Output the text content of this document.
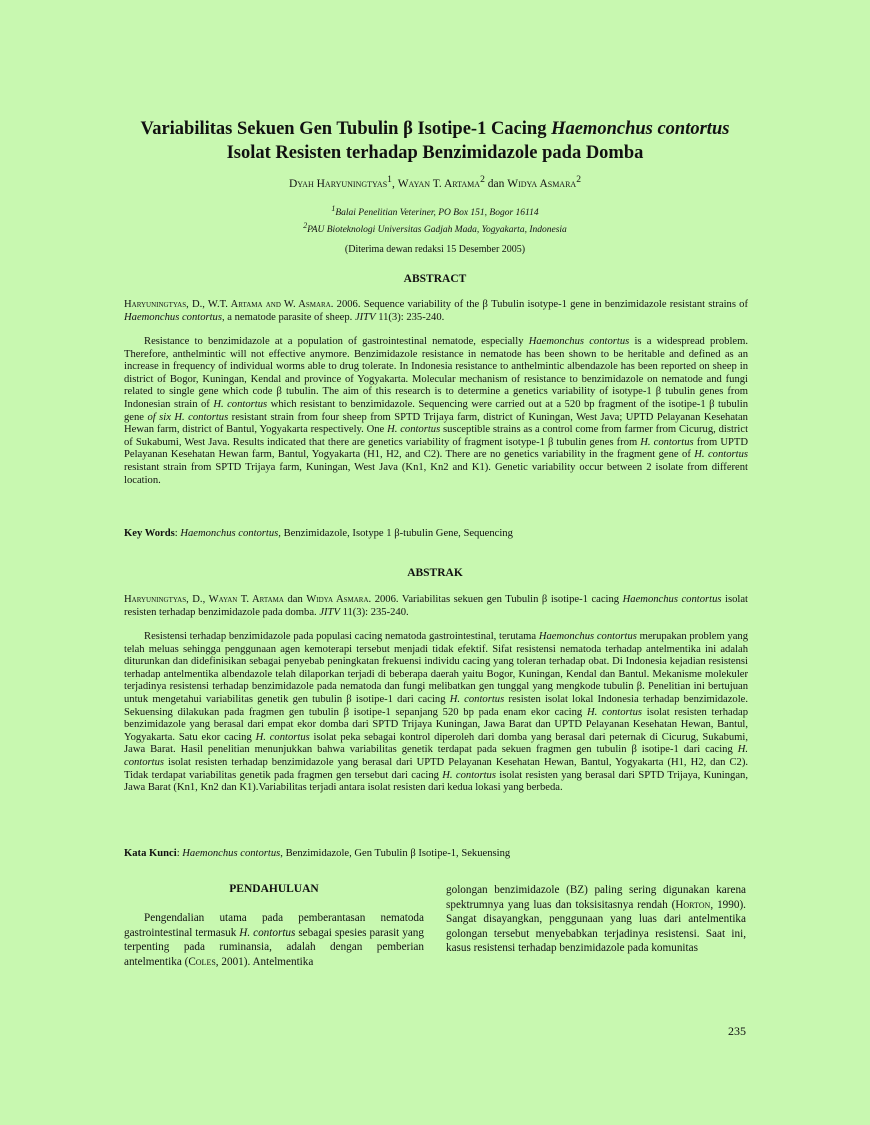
Variabilitas Sekuen Gen Tubulin β Isotipe-1 Cacing Haemonchus contortus
Isolat Resisten terhadap Benzimidazole pada Domba
Dyah Haryuningtyas$^1$, Wayan T. Artama$^2$ dan Widya Asmara$^2$
$^1$Balai Penelitian Veteriner, PO Box 151, Bogor 16114
$^2$PAU Bioteknologi Universitas Gadjah Mada, Yogyakarta, Indonesia
(Diterima dewan redaksi 15 Desember 2005)
ABSTRACT

Haryuningtyas, D., W.T. Artama and W. Asmara. 2006. Sequence variability of the β Tubulin isotype-1 gene in benzimidazole resistant strains of Haemonchus contortus, a nematode parasite of sheep. JITV 11(3): 235-240.

Resistance to benzimidazole at a population of gastrointestinal nematode, especially Haemonchus contortus is a widespread problem. Therefore, anthelmintic will not effective anymore. Benzimidazole resistance in nematode has been shown to be heritable and defined as an increase in frequency of individual worms able to drug tolerate. In Indonesia resistance to anthelmintic albendazole has been reported on sheep in district of Bogor, Kuningan, Kendal and province of Yogyakarta. Molecular mechanism of resistance to benzimidazole on nematode and fungi related to single gene which code β tubulin. The aim of this research is to determine a genetics variability of isotype-1 β tubulin genes from Indonesian strain of H. contortus which resistant to benzimidazole. Sequencing were carried out at a 520 bp fragment of the isotipe-1 β tubulin gene of six H. contortus resistant strain from four sheep from SPTD Trijaya farm, district of Kuningan, West Java; UPTD Pelayanan Kesehatan Hewan farm, district of Bantul, Yogyakarta respectively. One H. contortus susceptible strains as a control come from farmer from Cicurug, district of Sukabumi, West Java. Results indicated that there are genetics variability of fragment isotype-1 β tubulin genes from H. contortus from UPTD Pelayanan Kesehatan Hewan farm, Bantul, Yogyakarta (H1, H2, and C2). There are no genetics variability in the fragment gene of H. contortus resistant strain from SPTD Trijaya farm, Kuningan, West Java (Kn1, Kn2 and K1). Genetic variability occur between 2 isolate from different location.

Key Words: Haemonchus contortus, Benzimidazole, Isotype 1 β-tubulin Gene, Sequencing

ABSTRAK

Haryuningtyas, D., Wayan T. Artama dan Widya Asmara. 2006. Variabilitas sekuen gen Tubulin β isotipe-1 cacing Haemonchus contortus isolat resisten terhadap benzimidazole pada domba. JITV 11(3): 235-240.

Resistensi terhadap benzimidazole pada populasi cacing nematoda gastrointestinal, terutama Haemonchus contortus merupakan problem yang telah meluas sehingga penggunaan agen kemoterapi tersebut menjadi tidak efektif. Sifat resistensi nematoda terhadap antelmentika ini adalah diturunkan dan didefinisikan sebagai penyebab peningkatan frekuensi individu cacing yang toleran terhadap obat. Di Indonesia kejadian resistensi terhadap antelmentika albendazole telah dilaporkan terjadi di beberapa daerah yaitu Bogor, Kuningan, Kendal dan Bantul. Mekanisme molekuler terjadinya resistensi terhadap benzimidazole pada nematoda dan fungi melibatkan gen tunggal yang mengkode tubulin β. Penelitian ini bertujuan untuk mengetahui variabilitas genetik gen tubulin β isotipe-1 dari cacing H. contortus resisten isolat lokal Indonesia terhadap benzimidazole. Sekuensing dilakukan pada fragmen gen tubulin β isotipe-1 sepanjang 520 bp pada enam ekor cacing H. contortus isolat resisten terhadap benzimidazole yang berasal dari empat ekor domba dari SPTD Trijaya Kuningan, Jawa Barat dan UPTD Pelayanan Kesehatan Hewan, Bantul, Yogyakarta. Satu ekor cacing H. contortus isolat peka sebagai kontrol diperoleh dari domba yang berasal dari peternak di Cicurug, Sukabumi, Jawa Barat. Hasil penelitian menunjukkan bahwa variabilitas genetik terdapat pada sekuen fragmen gen tubulin β isotipe-1 dari cacing H. contortus isolat resisten terhadap benzimidazole yang berasal dari UPTD Pelayanan Kesehatan Hewan, Bantul, Yogyakarta (H1, H2, dan C2). Tidak terdapat variabilitas genetik pada fragmen gen tersebut dari cacing H. contortus isolat resisten yang berasal dari SPTD Trijaya, Kuningan, Jawa Barat (Kn1, Kn2 dan K1).Variabilitas terjadi antara isolat resisten dari kedua lokasi yang berbeda.

Kata Kunci: Haemonchus contortus, Benzimidazole, Gen Tubulin β Isotipe-1, Sekuensing

PENDAHULUAN

Pengendalian utama pada pemberantasan nematoda gastrointestinal termasuk H. contortus sebagai spesies parasit yang terpenting pada ruminansia, adalah dengan pemberian antelmentika (Coles, 2001). Antelmentika

golongan benzimidazole (BZ) paling sering digunakan karena spektrumnya yang luas dan toksisitasnya rendah (Horton, 1990). Sangat disayangkan, penggunaan yang luas dari antelmentika golongan tersebut menyebabkan terjadinya resistensi. Saat ini, kasus resistensi terhadap benzimidazole pada komunitas

235
